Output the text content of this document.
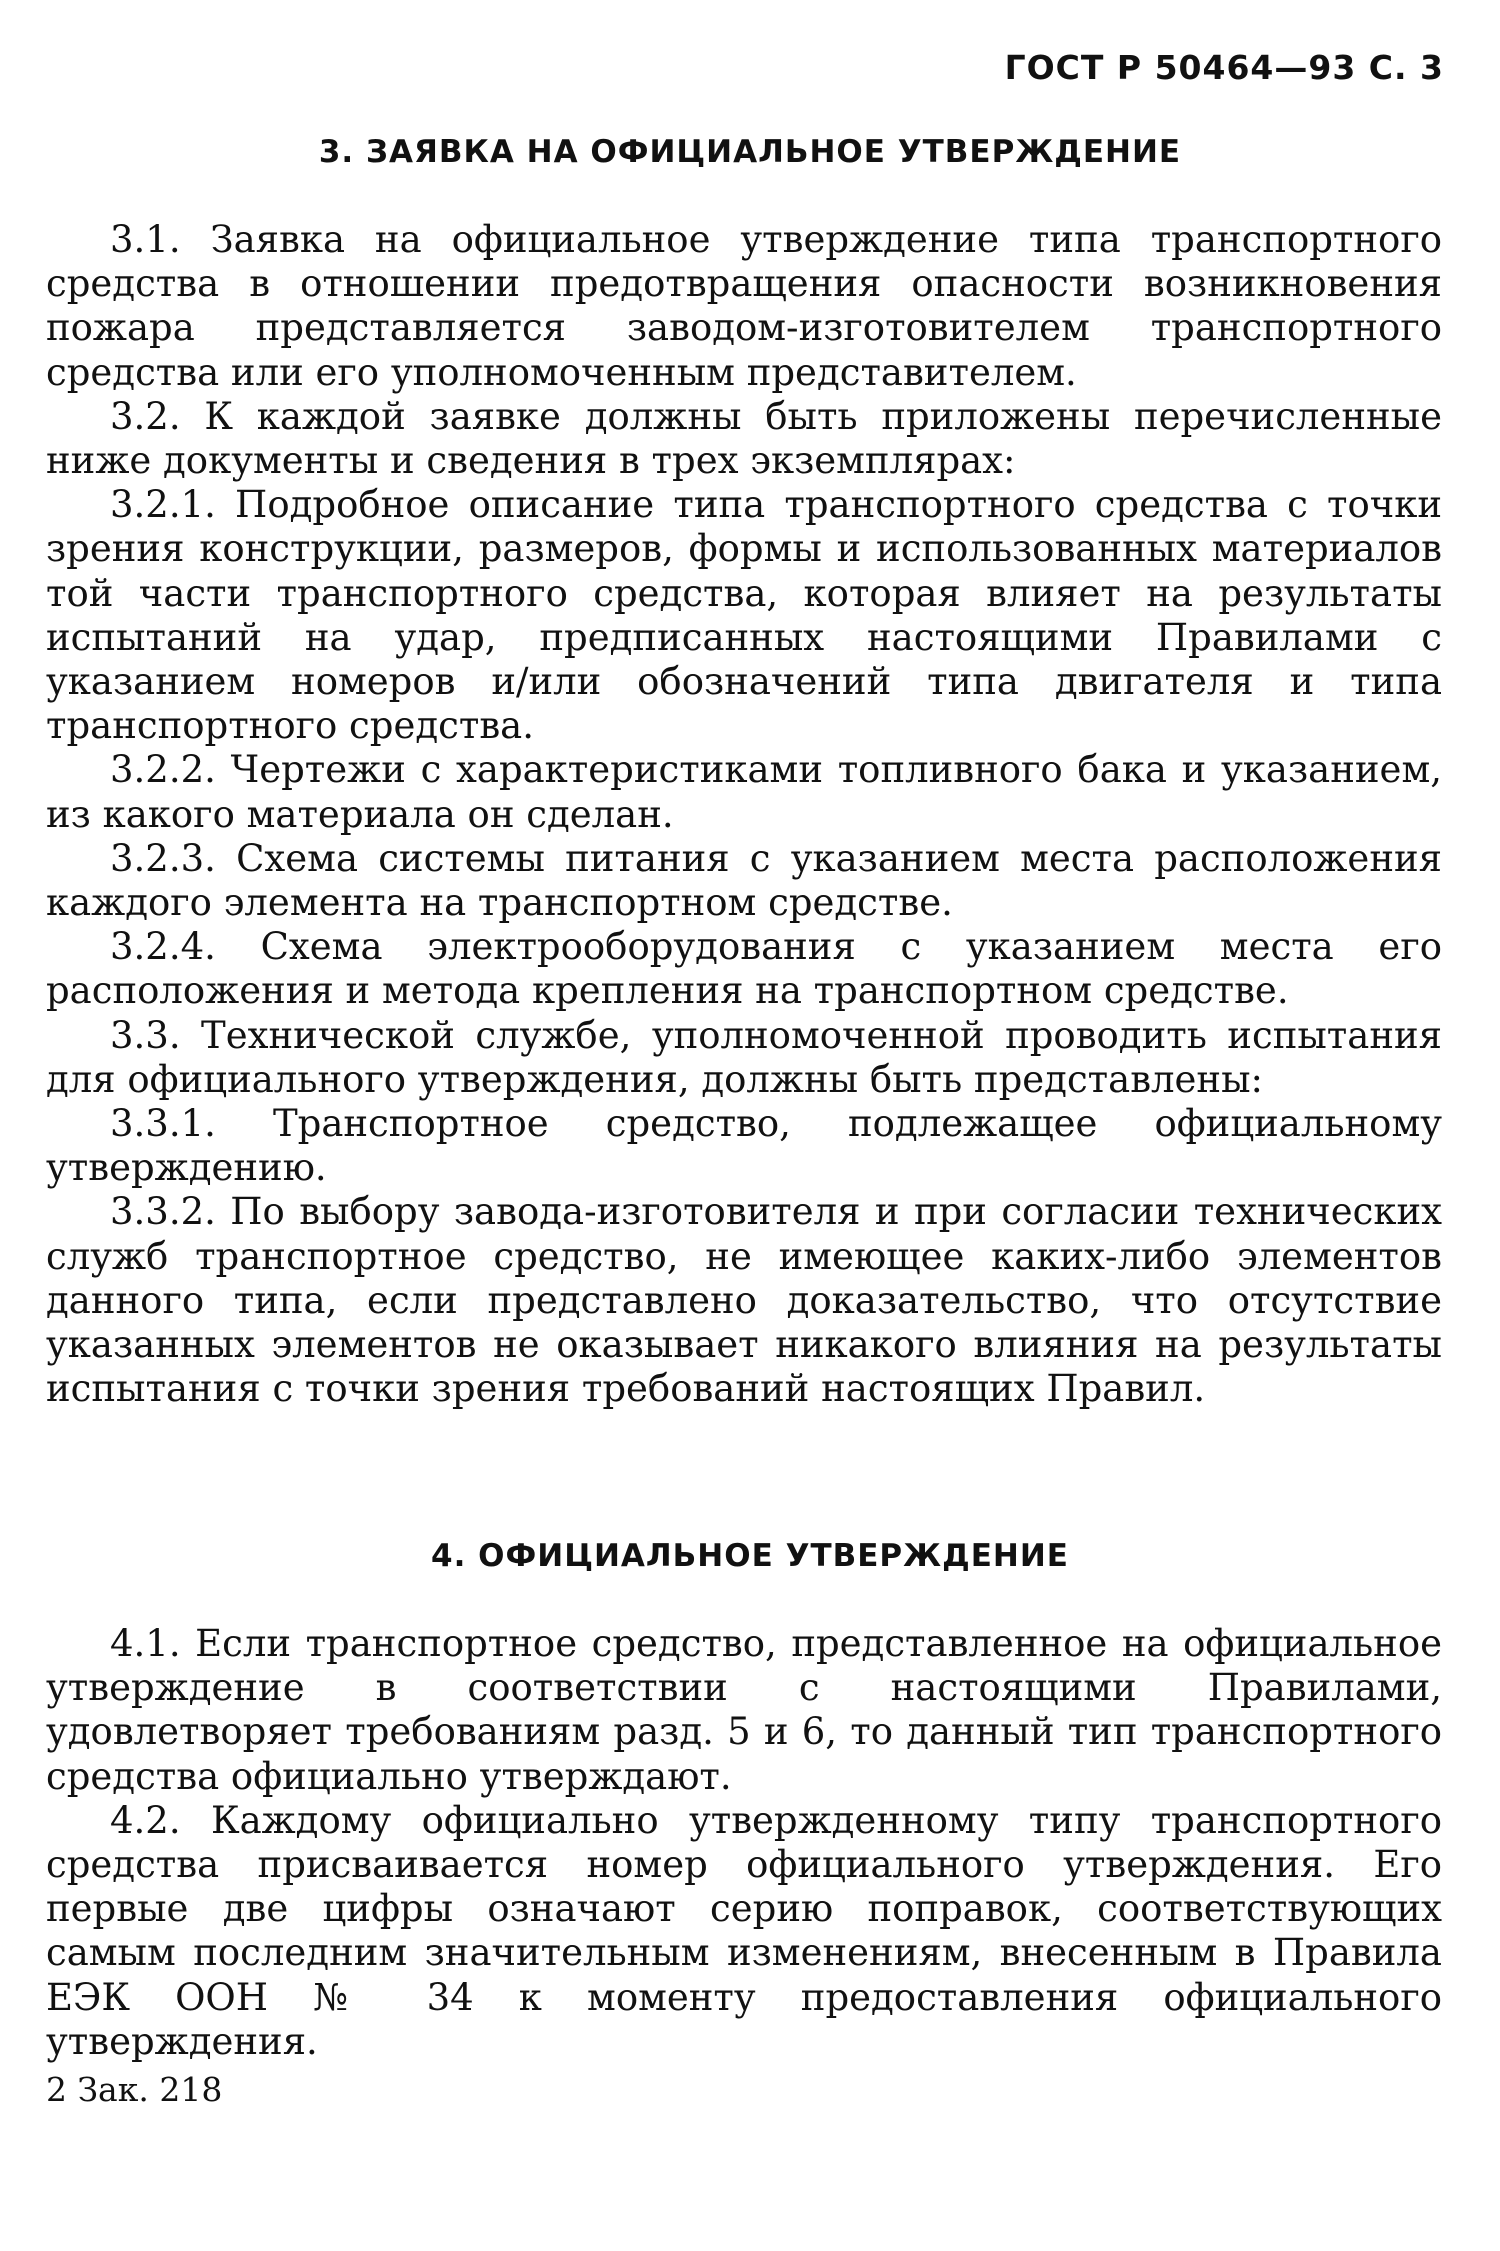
ГОСТ Р 50464—93 С. 3
3. ЗАЯВКА НА ОФИЦИАЛЬНОЕ УТВЕРЖДЕНИЕ

3.1. Заявка на официальное утверждение типа транспортного средства в отношении предотвращения опасности возникновения пожара представляется заводом-изготовителем транспортного средства или его уполномоченным представителем.

3.2. К каждой заявке должны быть приложены перечисленные ниже документы и сведения в трех экземплярах:

3.2.1. Подробное описание типа транспортного средства с точки зрения конструкции, размеров, формы и использованных материалов той части транспортного средства, которая влияет на результаты испытаний на удар, предписанных настоящими Правилами с указанием номеров и/или обозначений типа двигателя и типа транспортного средства.

3.2.2. Чертежи с характеристиками топливного бака и указанием, из какого материала он сделан.

3.2.3. Схема системы питания с указанием места расположения каждого элемента на транспортном средстве.

3.2.4. Схема электрооборудования с указанием места его расположения и метода крепления на транспортном средстве.

3.3. Технической службе, уполномоченной проводить испытания для официального утверждения, должны быть представлены:

3.3.1. Транспортное средство, подлежащее официальному утверждению.

3.3.2. По выбору завода-изготовителя и при согласии технических служб транспортное средство, не имеющее каких-либо элементов данного типа, если представлено доказательство, что отсутствие указанных элементов не оказывает никакого влияния на результаты испытания с точки зрения требований настоящих Правил.

4. ОФИЦИАЛЬНОЕ УТВЕРЖДЕНИЕ

4.1. Если транспортное средство, представленное на официальное утверждение в соответствии с настоящими Правилами, удовлетворяет требованиям разд. 5 и 6, то данный тип транспортного средства официально утверждают.

4.2. Каждому официально утвержденному типу транспортного средства присваивается номер официального утверждения. Его первые две цифры означают серию поправок, соответствующих самым последним значительным изменениям, внесенным в Правила ЕЭК ООН № 34 к моменту предоставления официального утверждения.

2 Зак. 218
